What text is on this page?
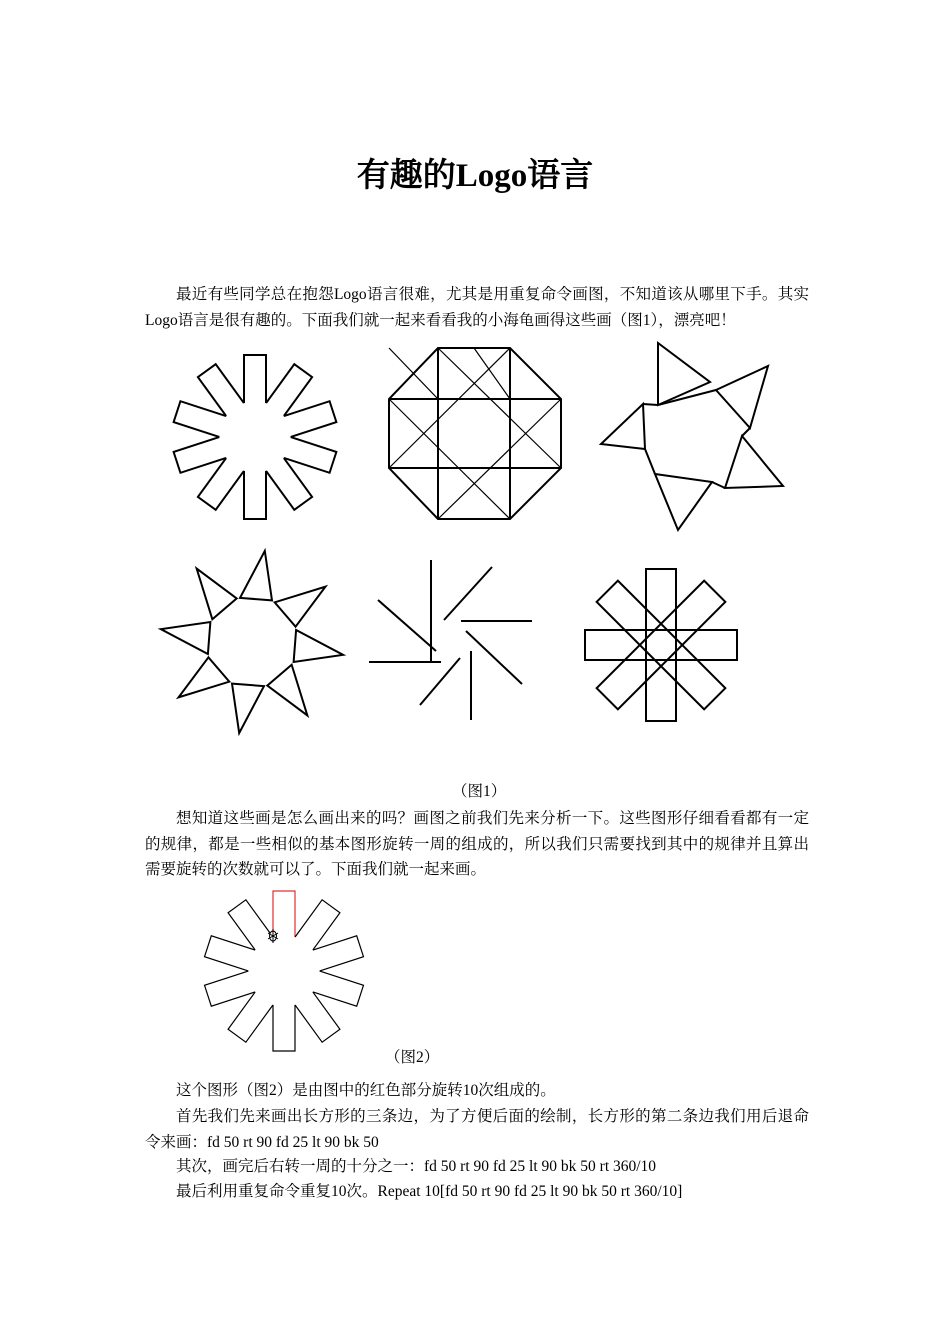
有趣的Logo语言

最近有些同学总在抱怨Logo语言很难，尤其是用重复命令画图，不知道该从哪里下手。其实Logo语言是很有趣的。下面我们就一起来看看我的小海龟画得这些画（图1），漂亮吧！

（图1）

想知道这些画是怎么画出来的吗？画图之前我们先来分析一下。这些图形仔细看看都有一定的规律，都是一些相似的基本图形旋转一周的组成的，所以我们只需要找到其中的规律并且算出需要旋转的次数就可以了。下面我们就一起来画。

（图2）

这个图形（图2）是由图中的红色部分旋转10次组成的。

首先我们先来画出长方形的三条边，为了方便后面的绘制，长方形的第二条边我们用后退命令来画：fd 50 rt 90 fd 25 lt 90 bk 50

其次，画完后右转一周的十分之一：fd 50 rt 90 fd 25 lt 90 bk 50 rt 360/10

最后利用重复命令重复10次。Repeat 10[fd 50 rt 90 fd 25 lt 90 bk 50 rt 360/10]
